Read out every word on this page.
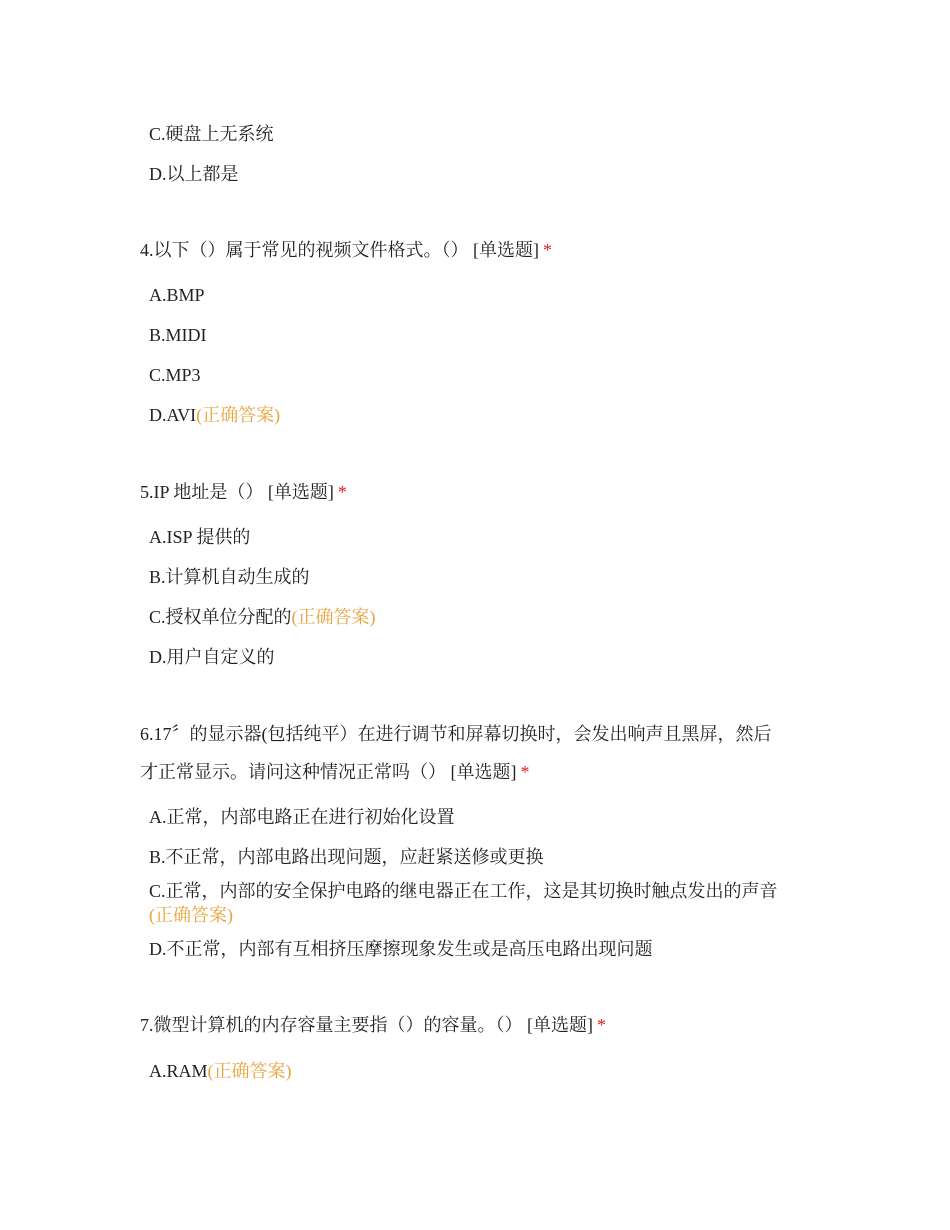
C.硬盘上无系统
D.以上都是
4.以下（）属于常见的视频文件格式。（） [单选题] *
A.BMP
B.MIDI
C.MP3
D.AVI(正确答案)
5.IP 地址是（） [单选题] *
A.ISP 提供的
B.计算机自动生成的
C.授权单位分配的(正确答案)
D.用户自定义的
6.17〞的显示器(包括纯平）在进行调节和屏幕切换时，会发出响声且黑屏，然后
才正常显示。请问这种情况正常吗（） [单选题] *
A.正常，内部电路正在进行初始化设置
B.不正常，内部电路出现问题，应赶紧送修或更换
C.正常，内部的安全保护电路的继电器正在工作，这是其切换时触点发出的声音
(正确答案)
D.不正常，内部有互相挤压摩擦现象发生或是高压电路出现问题
7.微型计算机的内存容量主要指（）的容量。（） [单选题] *
A.RAM(正确答案)
